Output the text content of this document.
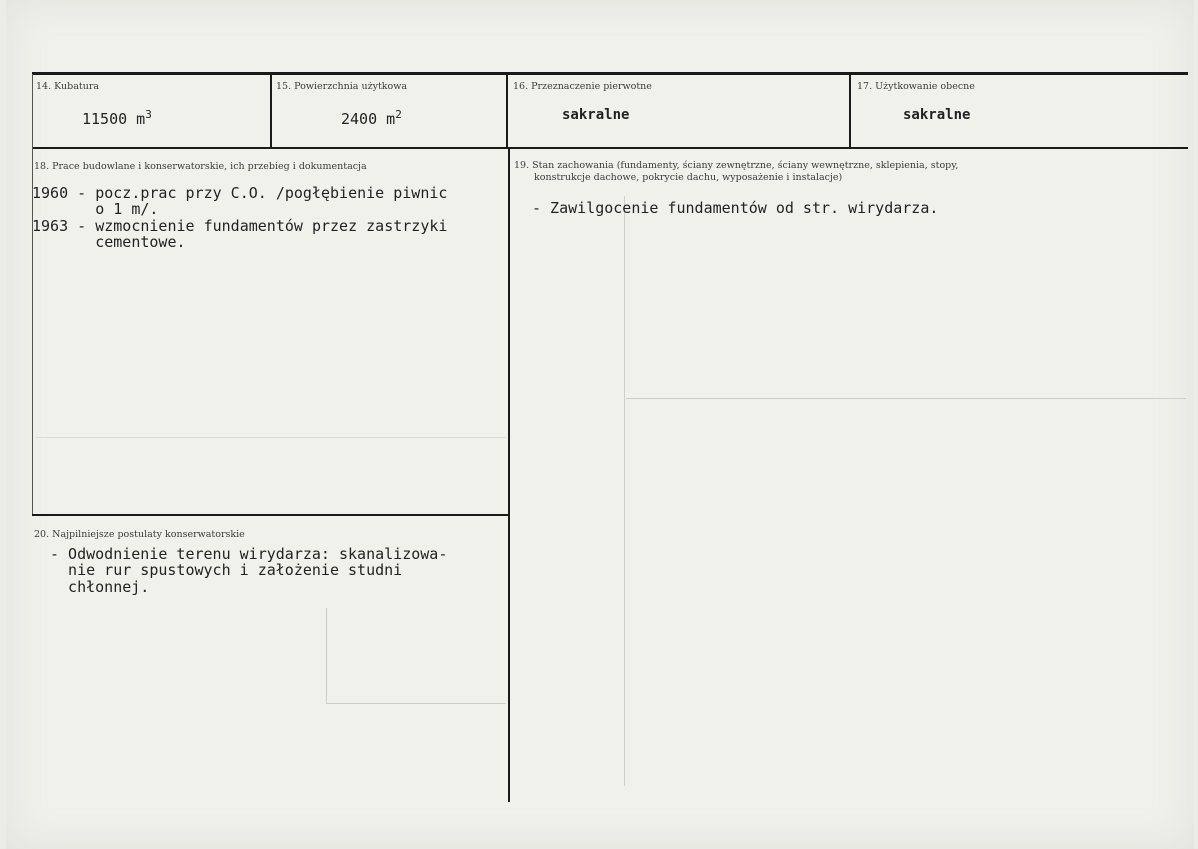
14. Kubatura
11500 $m^3$
15. Powierzchnia użytkowa
2400 $m^2$
16. Przeznaczenie pierwotne
sakralne
17. Użytkowanie obecne
sakralne
18. Prace budowlane i konserwatorskie, ich przebieg i dokumentacja
1960 - pocz.prac przy C.O. /pogłębienie piwnic
o 1 m/.
1963 - wzmocnienie fundamentów przez zastrzyki
cementowe.
19. Stan zachowania (fundamenty, ściany zewnętrzne, ściany wewnętrzne, sklepienia, stopy,
konstrukcje dachowe, pokrycie dachu, wyposażenie i instalacje)
- Zawilgocenie fundamentów od str. wirydarza.
20. Najpilniejsze postulaty konserwatorskie
- Odwodnienie terenu wirydarza: skanalizowa-
nie rur spustowych i założenie studni
chłonnej.
